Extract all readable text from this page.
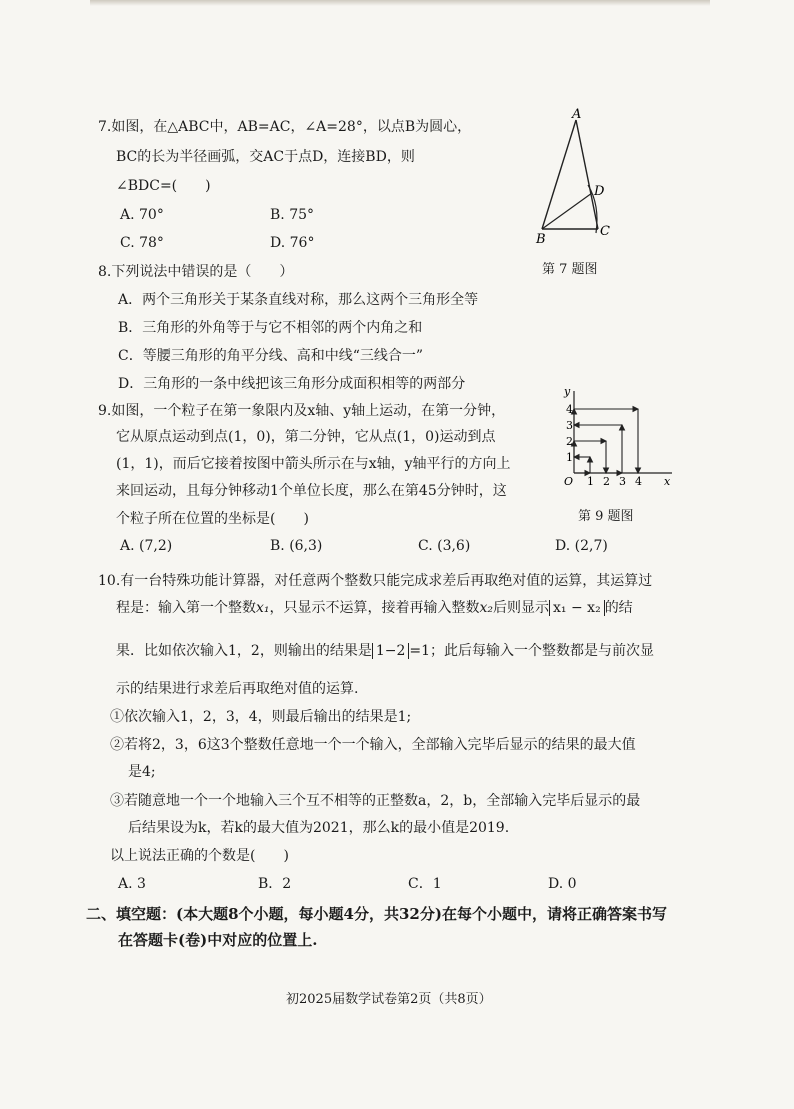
7.如图，在△ABC中，AB=AC，∠A=28°，以点B为圆心，
BC的长为半径画弧，交AC于点D，连接BD，则
∠BDC=(　　)
A. 70°	B. 75°
C. 78°	D. 76°
A
B
C
D
第 7 题图
8.下列说法中错误的是（　　）
A．两个三角形关于某条直线对称，那么这两个三角形全等
B．三角形的外角等于与它不相邻的两个内角之和
C．等腰三角形的角平分线、高和中线“三线合一”
D．三角形的一条中线把该三角形分成面积相等的两部分
9.如图，一个粒子在第一象限内及x轴、y轴上运动，在第一分钟，
它从原点运动到点(1，0)，第二分钟，它从点(1，0)运动到点
(1，1)，而后它接着按图中箭头所示在与x轴，y轴平行的方向上
来回运动，且每分钟移动1个单位长度，那么在第45分钟时，这
个粒子所在位置的坐标是(　　)
y
x
O 1 2 3 4
1
2
3
4
第 9 题图
A. (7,2)	B. (6,3)	C. (3,6)	D. (2,7)
10.有一台特殊功能计算器，对任意两个整数只能完成求差后再取绝对值的运算，其运算过
程是：输入第一个整数x₁，只显示不运算，接着再输入整数x₂后则显示 x₁ − x₂ 的结
果．比如依次输入1，2，则输出的结果是 1−2 =1；此后每输入一个整数都是与前次显
示的结果进行求差后再取绝对值的运算.
①依次输入1，2，3，4，则最后输出的结果是1;
②若将2，3，6这3个整数任意地一个一个输入，全部输入完毕后显示的结果的最大值
是4;
③若随意地一个一个地输入三个互不相等的正整数a，2，b，全部输入完毕后显示的最
后结果设为k，若k的最大值为2021，那么k的最小值是2019.
以上说法正确的个数是(　　)
A. 3	B．2	C．1	D. 0
二、填空题：(本大题8个小题，每小题4分，共32分)在每个小题中，请将正确答案书写
在答题卡(卷)中对应的位置上.
初2025届数学试卷第2页（共8页）
